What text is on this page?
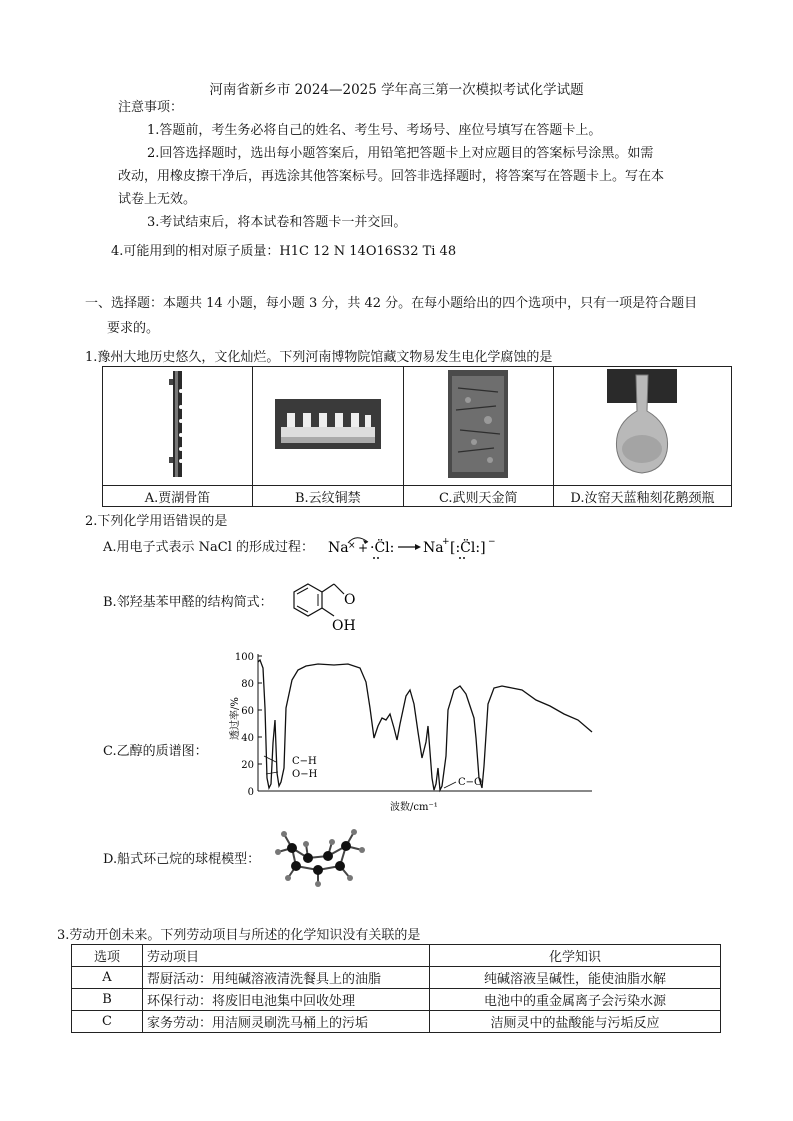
河南省新乡市 2024—2025 学年高三第一次模拟考试化学试题
注意事项：
1.答题前，考生务必将自己的姓名、考生号、考场号、座位号填写在答题卡上。
2.回答选择题时，选出每小题答案后，用铅笔把答题卡上对应题目的答案标号涂黑。如需
改动，用橡皮擦干净后，再选涂其他答案标号。回答非选择题时，将答案写在答题卡上。写在本
试卷上无效。
3.考试结束后，将本试卷和答题卡一并交回。
4.可能用到的相对原子质量：H1C 12 N 14O16S32 Ti 48
一、选择题：本题共 14 小题，每小题 3 分，共 42 分。在每小题给出的四个选项中，只有一项是符合题目
要求的。
1.豫州大地历史悠久，文化灿烂。下列河南博物院馆藏文物易发生电化学腐蚀的是

A.贾湖骨笛	B.云纹铜禁	C.武则天金简	D.汝窑天蓝釉刻花鹅颈瓶
2.下列化学用语错误的是
A.用电子式表示 NaCl 的形成过程： Na × + ·C̈l: Na
+ [:C̈l:] −
B.邻羟基苯甲醛的结构简式：	O
OH
C.乙醇的质谱图：
100
80
60
40
20
0
透过率/%
波数/cm⁻¹
C−H
O−H
C−O
D.船式环己烷的球棍模型：
3.劳动开创未来。下列劳动项目与所述的化学知识没有关联的是
选项	劳动项目	化学知识
A	帮厨活动：用纯碱溶液清洗餐具上的油脂	纯碱溶液呈碱性，能使油脂水解
B	环保行动：将废旧电池集中回收处理	电池中的重金属离子会污染水源
C	家务劳动：用洁厕灵刷洗马桶上的污垢	洁厕灵中的盐酸能与污垢反应
